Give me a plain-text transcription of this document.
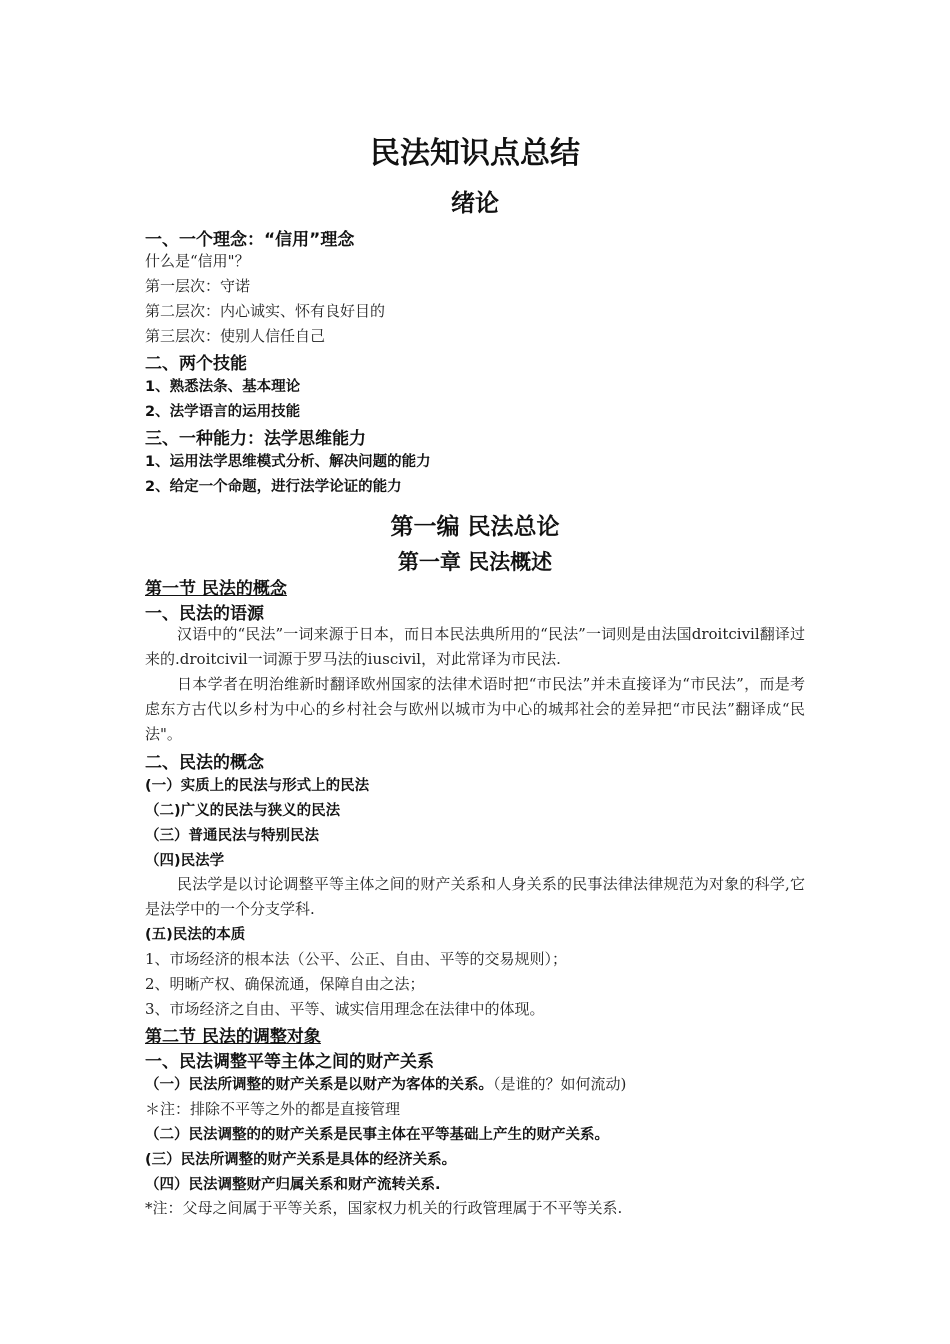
民法知识点总结
绪论
一、一个理念：“信用”理念
什么是“信用"？
第一层次：守诺
第二层次：内心诚实、怀有良好目的
第三层次：使别人信任自己
二、两个技能
1、熟悉法条、基本理论
2、法学语言的运用技能
三、一种能力：法学思维能力
1、运用法学思维模式分析、解决问题的能力
2、给定一个命题，进行法学论证的能力
第一编 民法总论
第一章 民法概述
第一节 民法的概念
一、民法的语源
汉语中的“民法”一词来源于日本，而日本民法典所用的“民法”一词则是由法国droitcivil翻译过来的.droitcivil一词源于罗马法的iuscivil，对此常译为市民法.
日本学者在明治维新时翻译欧州国家的法律术语时把“市民法”并未直接译为“市民法”，而是考虑东方古代以乡村为中心的乡村社会与欧州以城市为中心的城邦社会的差异把“市民法”翻译成“民法"。
二、民法的概念
(一）实质上的民法与形式上的民法
（二)广义的民法与狭义的民法
（三）普通民法与特别民法
（四)民法学
民法学是以讨论调整平等主体之间的财产关系和人身关系的民事法律法律规范为对象的科学,它是法学中的一个分支学科.
(五)民法的本质
1、市场经济的根本法（公平、公正、自由、平等的交易规则）；
2、明晰产权、确保流通，保障自由之法；
3、市场经济之自由、平等、诚实信用理念在法律中的体现。
第二节 民法的调整对象
一、民法调整平等主体之间的财产关系
（一）民法所调整的财产关系是以财产为客体的关系。（是谁的？如何流动)
＊注：排除不平等之外的都是直接管理
（二）民法调整的的财产关系是民事主体在平等基础上产生的财产关系。
(三）民法所调整的财产关系是具体的经济关系。
（四）民法调整财产归属关系和财产流转关系.
*注：父母之间属于平等关系，国家权力机关的行政管理属于不平等关系.
